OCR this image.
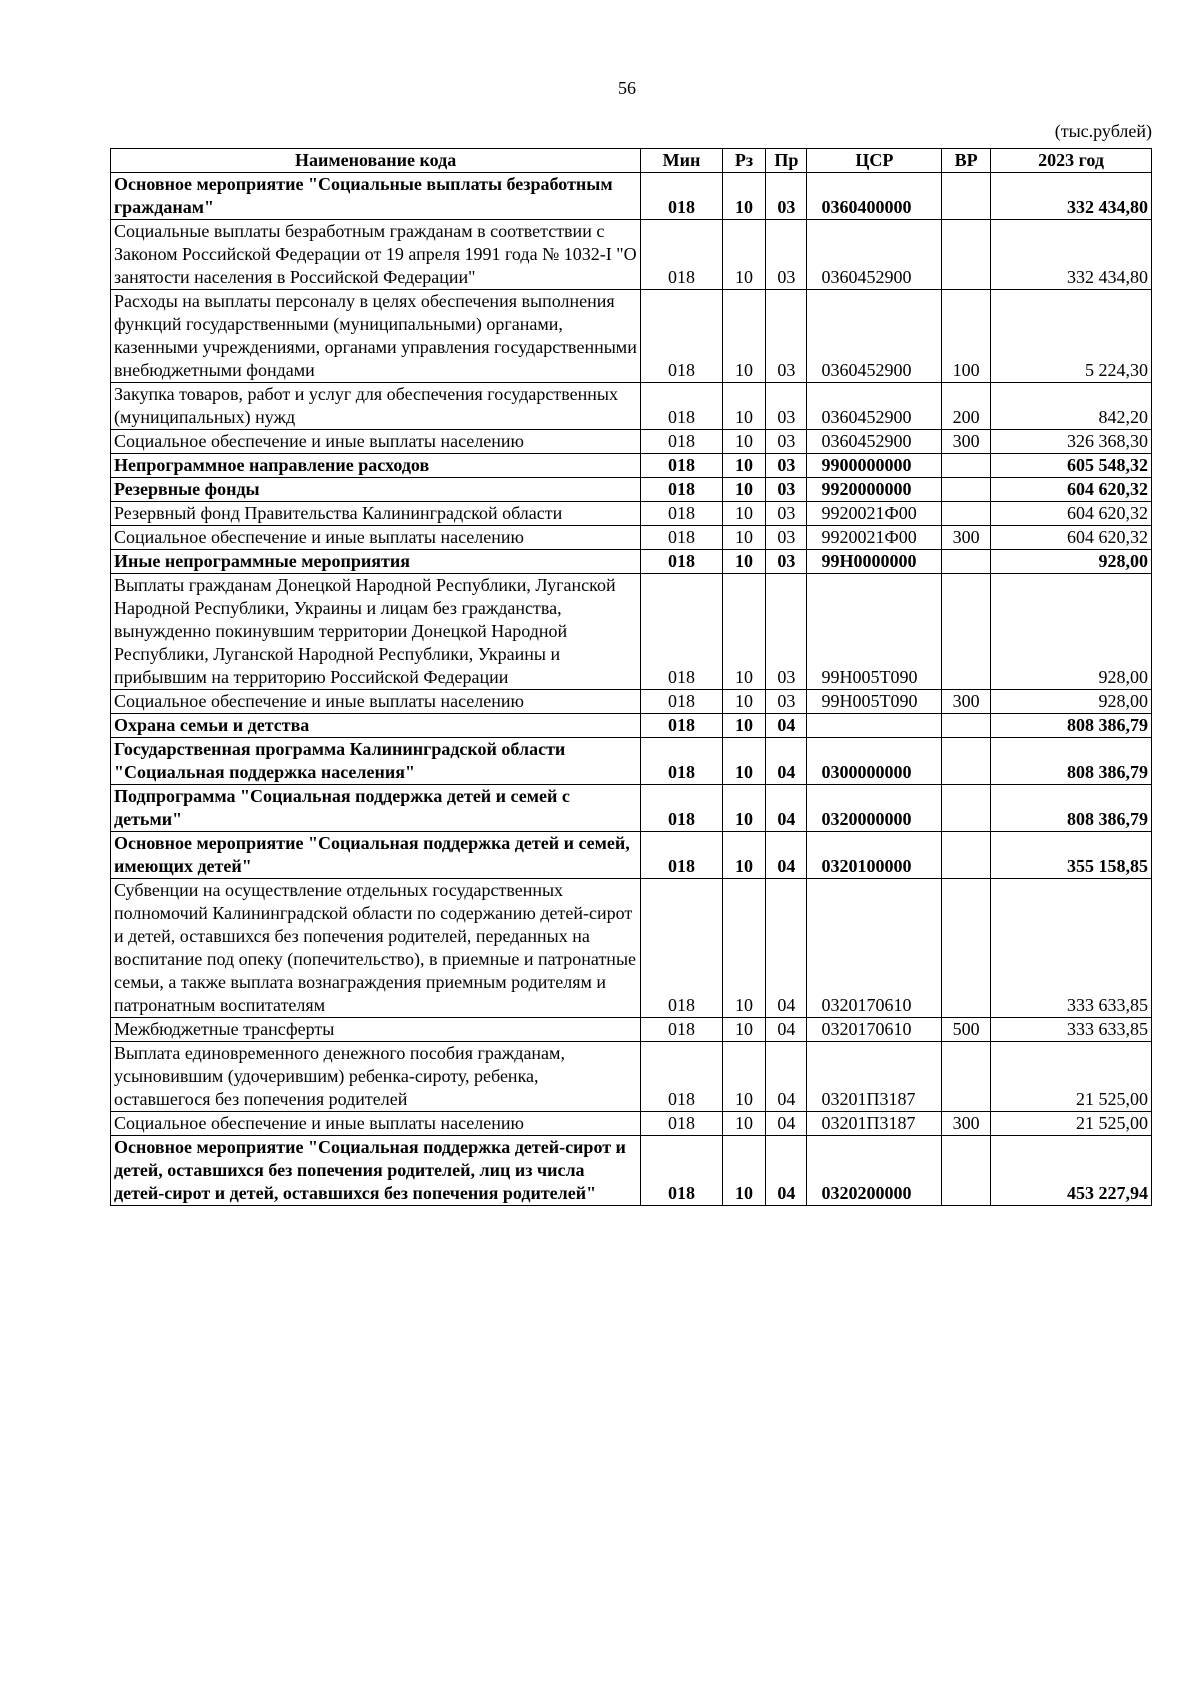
56
(тыс.рублей)
Наименование кода	Мин	Рз	Пр	ЦСР	ВР	2023 год
Основное мероприятие "Социальные выплаты безработным гражданам"	018	10	03	0360400000		332 434,80
Социальные выплаты безработным гражданам в соответствии с Законом Российской Федерации от 19 апреля 1991 года № 1032-I "О занятости населения в Российской Федерации"	018	10	03	0360452900		332 434,80
Расходы на выплаты персоналу в целях обеспечения выполнения функций государственными (муниципальными) органами, казенными учреждениями, органами управления государственными внебюджетными фондами	018	10	03	0360452900	100	5 224,30
Закупка товаров, работ и услуг для обеспечения государственных (муниципальных) нужд	018	10	03	0360452900	200	842,20
Социальное обеспечение и иные выплаты населению	018	10	03	0360452900	300	326 368,30
Непрограммное направление расходов	018	10	03	9900000000		605 548,32
Резервные фонды	018	10	03	9920000000		604 620,32
Резервный фонд Правительства Калининградской области	018	10	03	9920021Ф00		604 620,32
Социальное обеспечение и иные выплаты населению	018	10	03	9920021Ф00	300	604 620,32
Иные непрограммные мероприятия	018	10	03	99Н0000000		928,00
Выплаты гражданам Донецкой Народной Республики, Луганской Народной Республики, Украины и лицам без гражданства, вынужденно покинувшим территории Донецкой Народной Республики, Луганской Народной Республики, Украины и прибывшим на территорию Российской Федерации	018	10	03	99Н005Т090		928,00
Социальное обеспечение и иные выплаты населению	018	10	03	99Н005Т090	300	928,00
Охрана семьи и детства	018	10	04			808 386,79
Государственная программа Калининградской области "Социальная поддержка населения"	018	10	04	0300000000		808 386,79
Подпрограмма "Социальная поддержка детей и семей с детьми"	018	10	04	0320000000		808 386,79
Основное мероприятие "Социальная поддержка детей и семей, имеющих детей"	018	10	04	0320100000		355 158,85
Субвенции на осуществление отдельных государственных полномочий Калининградской области по содержанию детей-сирот и детей, оставшихся без попечения родителей, переданных на воспитание под опеку (попечительство), в приемные и патронатные семьи, а также выплата вознаграждения приемным родителям и патронатным воспитателям	018	10	04	0320170610		333 633,85
Межбюджетные трансферты	018	10	04	0320170610	500	333 633,85
Выплата единовременного денежного пособия гражданам, усыновившим (удочерившим) ребенка-сироту, ребенка, оставшегося без попечения родителей	018	10	04	03201П3187		21 525,00
Социальное обеспечение и иные выплаты населению	018	10	04	03201П3187	300	21 525,00
Основное мероприятие "Социальная поддержка детей-сирот и детей, оставшихся без попечения родителей, лиц из числа детей-сирот и детей, оставшихся без попечения родителей"	018	10	04	0320200000		453 227,94
